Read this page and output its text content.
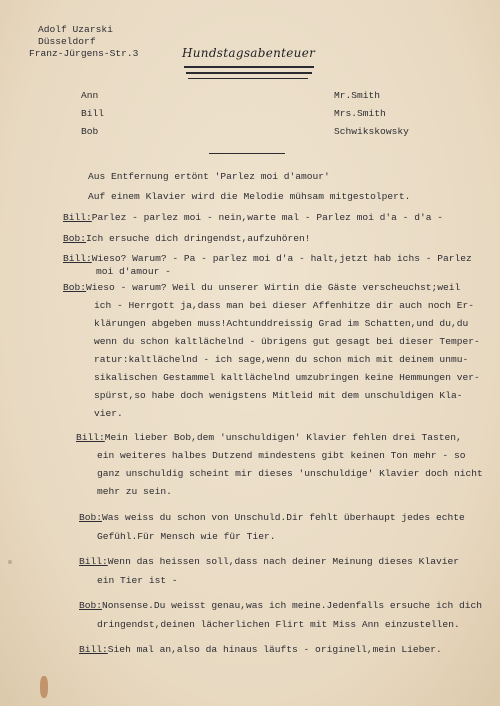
Adolf Uzarski
Düsseldorf
Franz-Jürgens-Str.3	Hundstagsabenteuer
Ann
Bill
Bob
Mr.Smith
Mrs.Smith
Schwikskowsky
Aus Entfernung ertönt 'Parlez moi d'amour'
Auf einem Klavier wird die Melodie mühsam mitgestolpert.
Bill:Parlez - parlez moi - nein,warte mal - Parlez moi d'a - d'a -
Bob:Ich ersuche dich dringendst,aufzuhören!
Bill:Wieso? Warum? - Pa - parlez moi d'a - halt,jetzt hab ichs - Parlez
moi d'amour -
Bob:Wieso - warum? Weil du unserer Wirtin die Gäste verscheuchst;weil
ich - Herrgott ja,dass man bei dieser Affenhitze dir auch noch Er-
klärungen abgeben muss!Achtunddreissig Grad im Schatten,und du,du
wenn du schon kaltlächelnd - übrigens gut gesagt bei dieser Temper-
ratur:kaltlächelnd - ich sage,wenn du schon mich mit deinem unmu-
sikalischen Gestammel kaltlächelnd umzubringen keine Hemmungen ver-
spürst,so habe doch wenigstens Mitleid mit dem unschuldigen Kla-
vier.
Bill:Mein lieber Bob,dem 'unschuldigen' Klavier fehlen drei Tasten,
ein weiteres halbes Dutzend mindestens gibt keinen Ton mehr - so
ganz unschuldig scheint mir dieses 'unschuldige' Klavier doch nicht
mehr zu sein.
Bob:Was weiss du schon von Unschuld.Dir fehlt überhaupt jedes echte
Gefühl.Für Mensch wie für Tier.
Bill:Wenn das heissen soll,dass nach deiner Meinung dieses Klavier
ein Tier ist -
Bob:Nonsense.Du weisst genau,was ich meine.Jedenfalls ersuche ich dich
dringendst,deinen lächerlichen Flirt mit Miss Ann einzustellen.
Bill:Sieh mal an,also da hinaus läufts - originell,mein Lieber.
